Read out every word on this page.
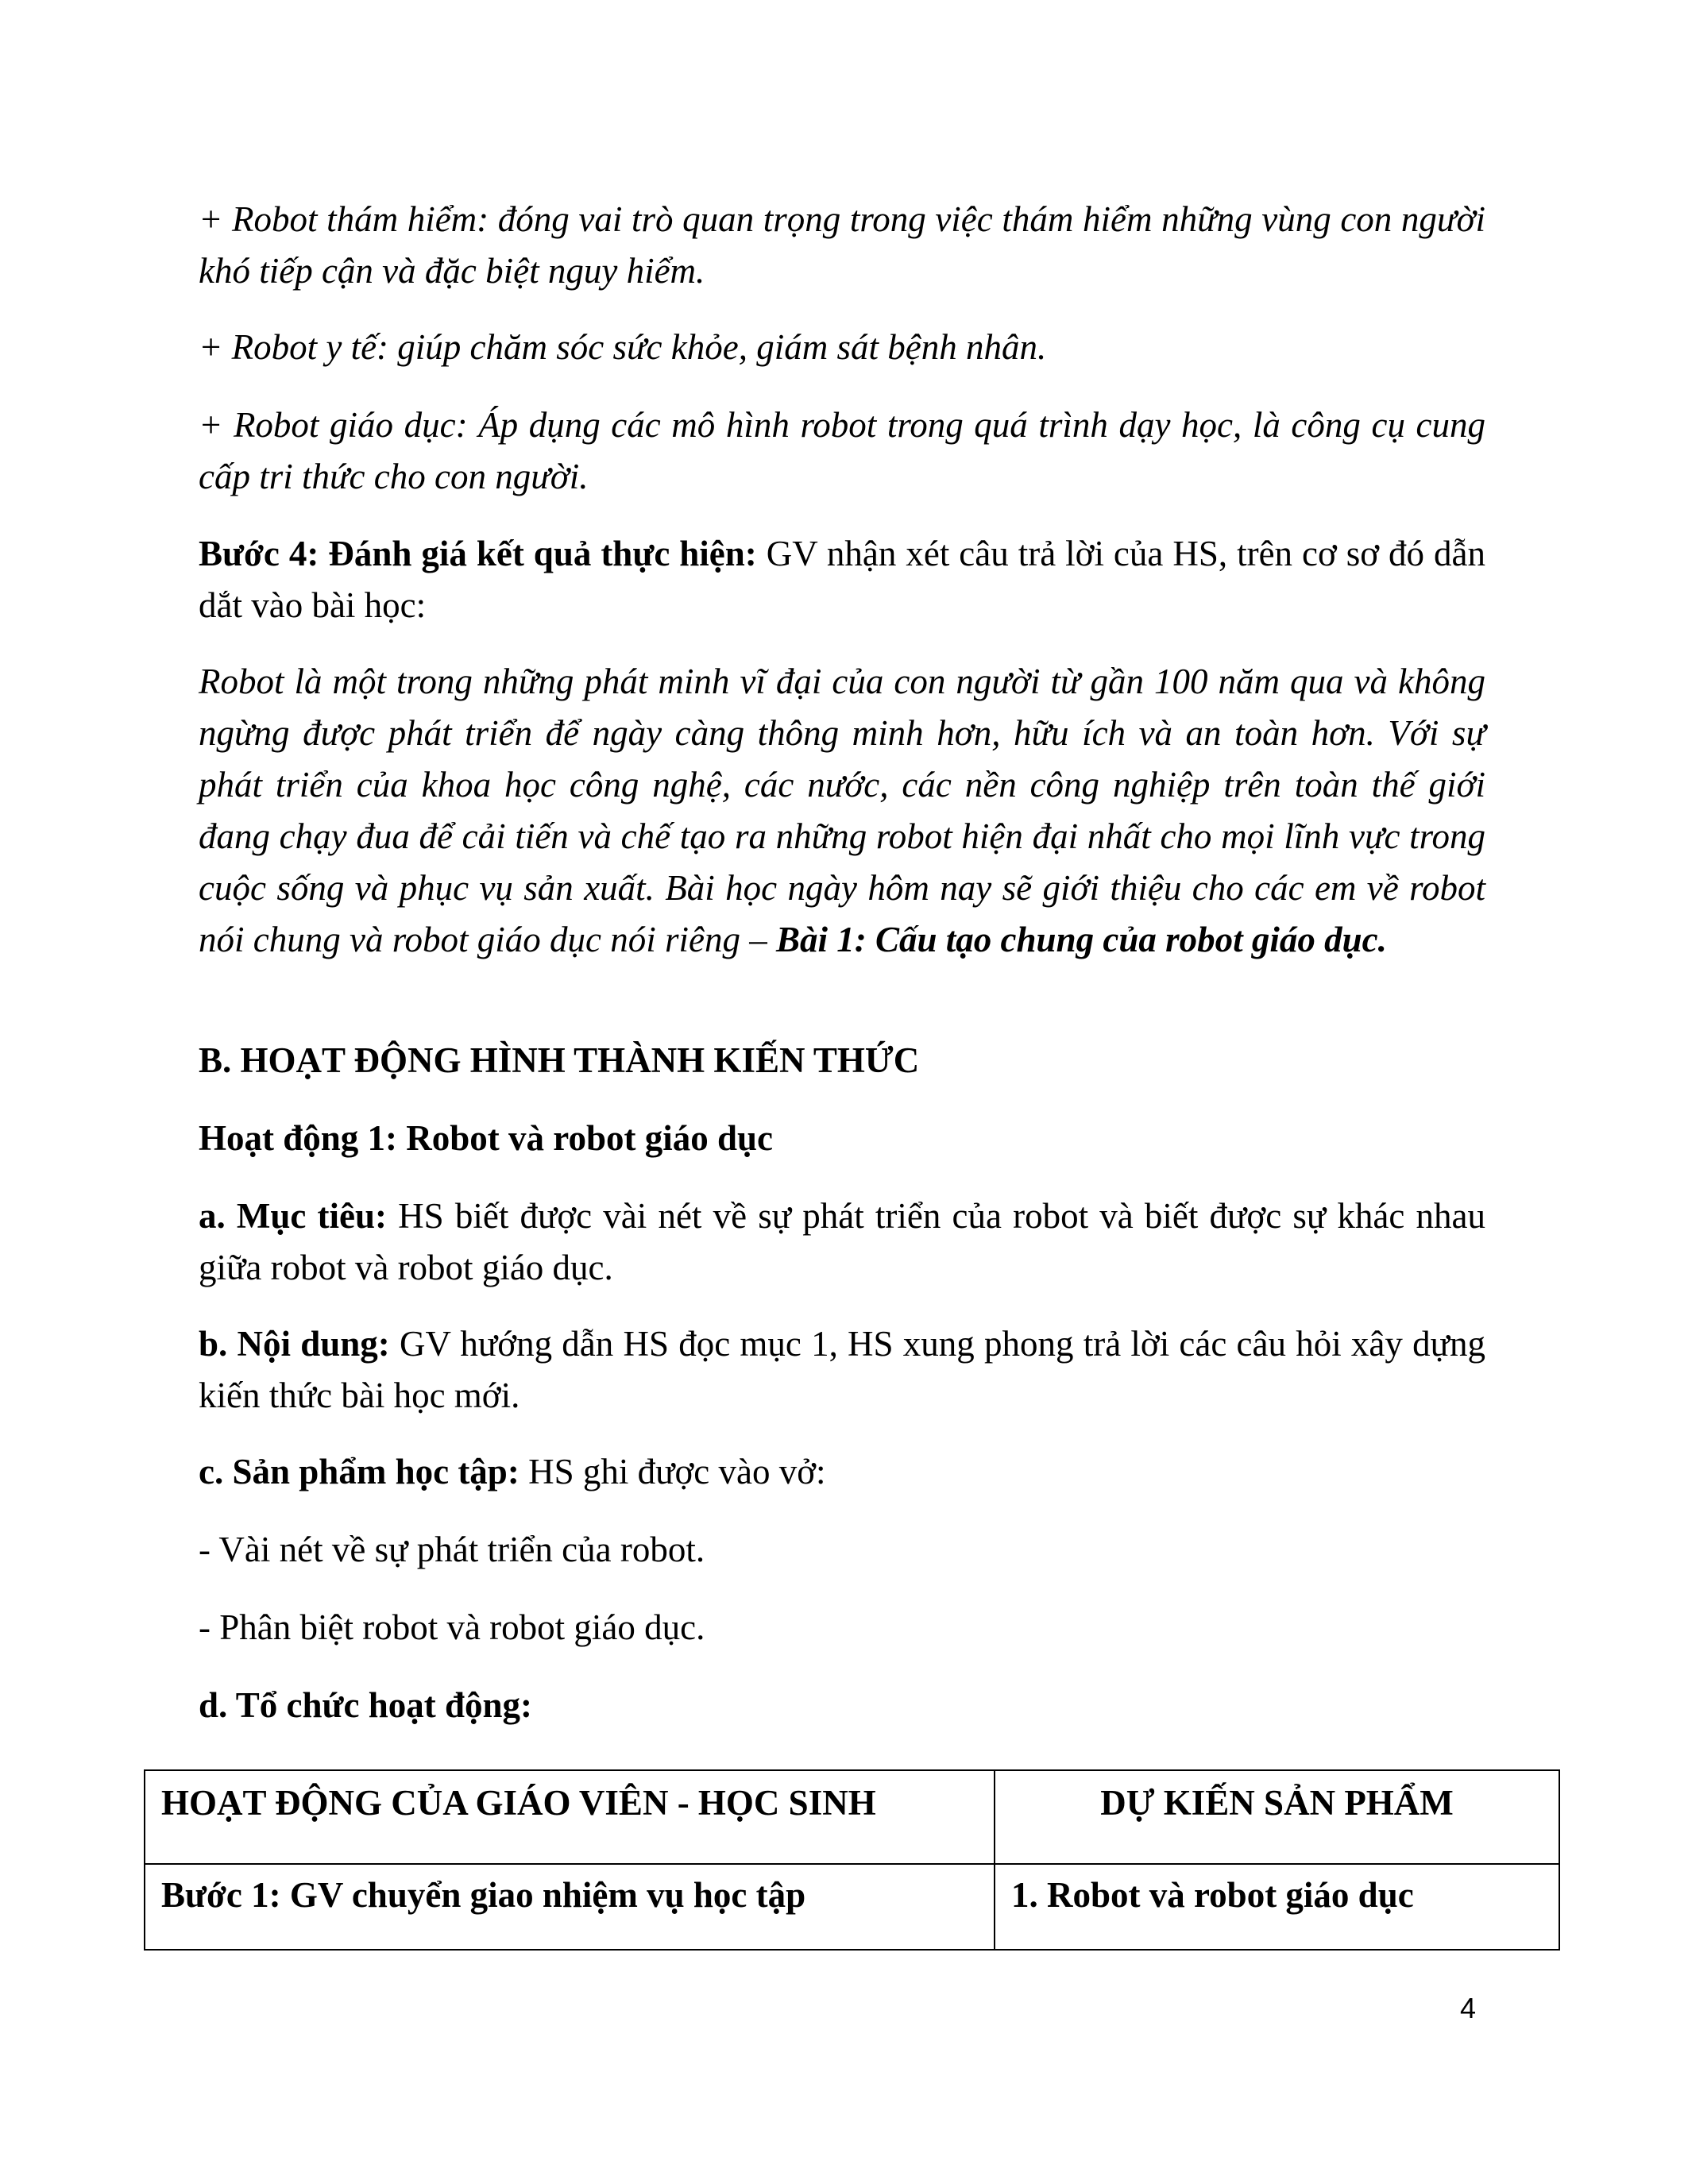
+ Robot thám hiểm: đóng vai trò quan trọng trong việc thám hiểm những vùng con người khó tiếp cận và đặc biệt nguy hiểm.

+ Robot y tế: giúp chăm sóc sức khỏe, giám sát bệnh nhân.

+ Robot giáo dục: Áp dụng các mô hình robot trong quá trình dạy học, là công cụ cung cấp tri thức cho con người.

Bước 4: Đánh giá kết quả thực hiện: GV nhận xét câu trả lời của HS, trên cơ sơ đó dẫn dắt vào bài học:

Robot là một trong những phát minh vĩ đại của con người từ gần 100 năm qua và không ngừng được phát triển để ngày càng thông minh hơn, hữu ích và an toàn hơn. Với sự phát triển của khoa học công nghệ, các nước, các nền công nghiệp trên toàn thế giới đang chạy đua để cải tiến và chế tạo ra những robot hiện đại nhất cho mọi lĩnh vực trong cuộc sống và phục vụ sản xuất. Bài học ngày hôm nay sẽ giới thiệu cho các em về robot nói chung và robot giáo dục nói riêng – Bài 1: Cấu tạo chung của robot giáo dục.

B. HOẠT ĐỘNG HÌNH THÀNH KIẾN THỨC

Hoạt động 1: Robot và robot giáo dục

a. Mục tiêu: HS biết được vài nét về sự phát triển của robot và biết được sự khác nhau giữa robot và robot giáo dục.

b. Nội dung: GV hướng dẫn HS đọc mục 1, HS xung phong trả lời các câu hỏi xây dựng kiến thức bài học mới.

c. Sản phẩm học tập: HS ghi được vào vở:

- Vài nét về sự phát triển của robot.

- Phân biệt robot và robot giáo dục.

d. Tổ chức hoạt động:

HOẠT ĐỘNG CỦA GIÁO VIÊN - HỌC SINH	DỰ KIẾN SẢN PHẨM
Bước 1: GV chuyển giao nhiệm vụ học tập	1. Robot và robot giáo dục
4
